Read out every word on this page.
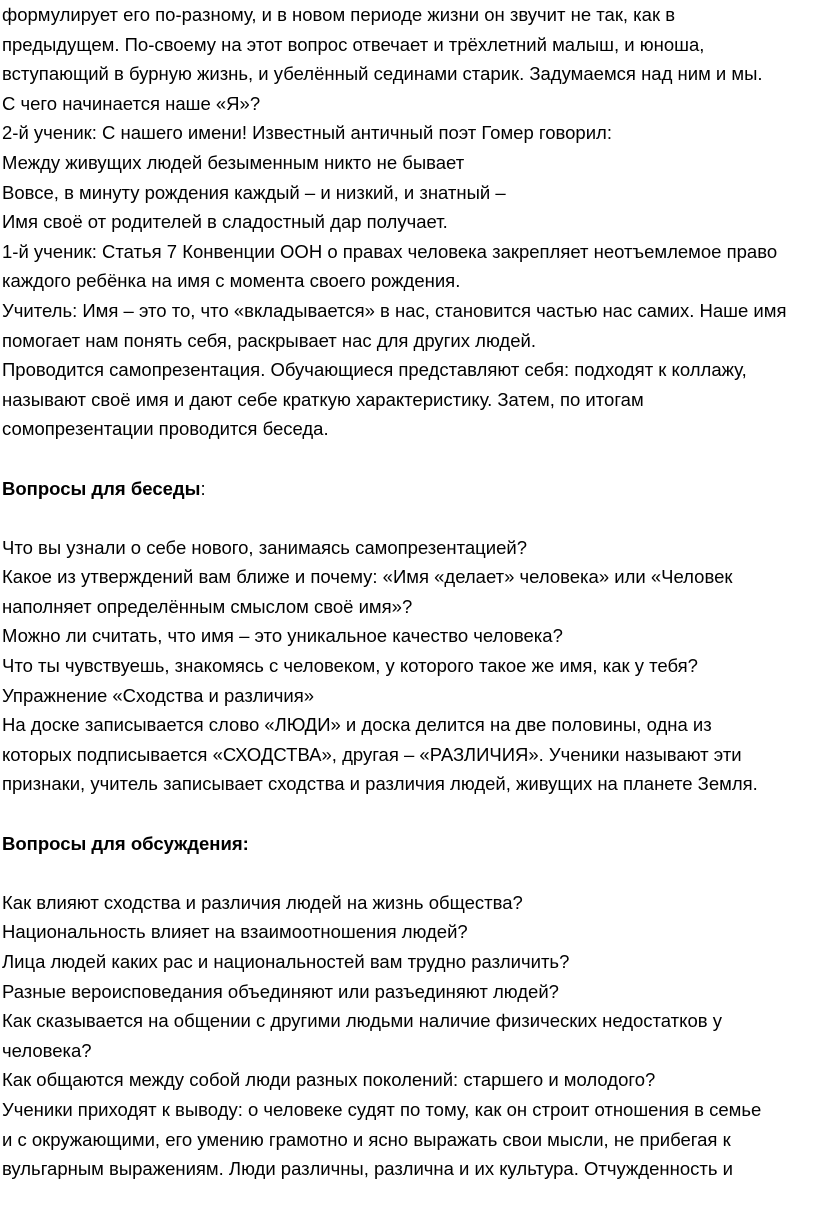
формулирует его по-разному, и в новом периоде жизни он звучит не так, как в
предыдущем. По-своему на этот вопрос отвечает и трёхлетний малыш, и юноша,
вступающий в бурную жизнь, и убелённый сединами старик. Задумаемся над ним и мы.
С чего начинается наше «Я»?
2-й ученик: С нашего имени! Известный античный поэт Гомер говорил:
Между живущих людей безыменным никто не бывает
Вовсе, в минуту рождения каждый – и низкий, и знатный –
Имя своё от родителей в сладостный дар получает.
1-й ученик: Статья 7 Конвенции ООН о правах человека закрепляет неотъемлемое право
каждого ребёнка на имя с момента своего рождения.
Учитель: Имя – это то, что «вкладывается» в нас, становится частью нас самих. Наше имя
помогает нам понять себя, раскрывает нас для других людей.
Проводится самопрезентация. Обучающиеся представляют себя: подходят к коллажу,
называют своё имя и дают себе краткую характеристику. Затем, по итогам
сомопрезентации проводится беседа.
Вопросы для беседы:
Что вы узнали о себе нового, занимаясь самопрезентацией?
Какое из утверждений вам ближе и почему: «Имя «делает» человека» или «Человек
наполняет определённым смыслом своё имя»?
Можно ли считать, что имя – это уникальное качество человека?
Что ты чувствуешь, знакомясь с человеком, у которого такое же имя, как у тебя?
Упражнение «Сходства и различия»
На доске записывается слово «ЛЮДИ» и доска делится на две половины, одна из
которых подписывается «СХОДСТВА», другая – «РАЗЛИЧИЯ». Ученики называют эти
признаки, учитель записывает сходства и различия людей, живущих на планете Земля.
Вопросы для обсуждения:
Как влияют сходства и различия людей на жизнь общества?
Национальность влияет на взаимоотношения людей?
Лица людей каких рас и национальностей вам трудно различить?
Разные вероисповедания объединяют или разъединяют людей?
Как сказывается на общении с другими людьми наличие физических недостатков у
человека?
Как общаются между собой люди разных поколений: старшего и молодого?
Ученики приходят к выводу: о человеке судят по тому, как он строит отношения в семье
и с окружающими, его умению грамотно и ясно выражать свои мысли, не прибегая к
вульгарным выражениям. Люди различны, различна и их культура. Отчужденность и
